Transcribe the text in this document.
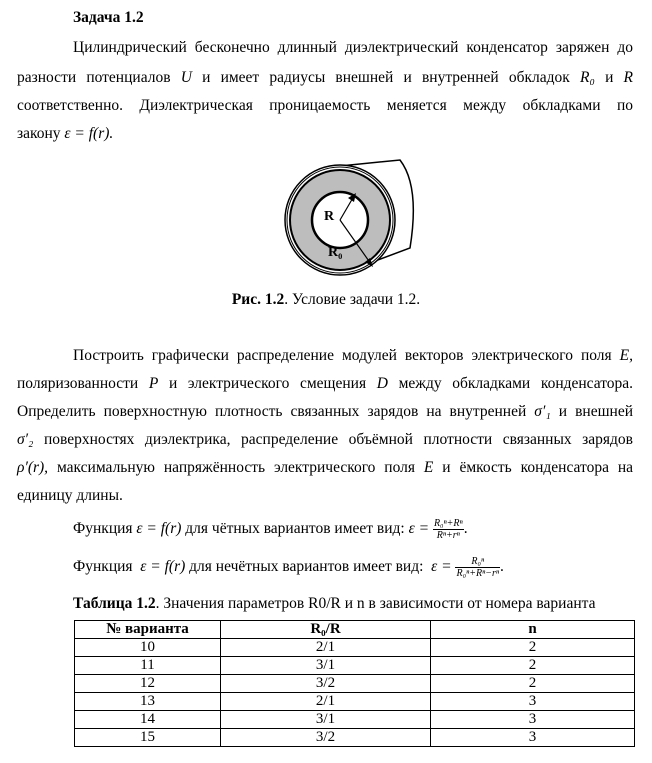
Задача 1.2
Цилиндрический бесконечно длинный диэлектрический конденсатор заряжен до
разности потенциалов U и имеет радиусы внешней и внутренней обкладок R₀ и R
соответственно. Диэлектрическая проницаемость меняется между обкладками по
закону ε = f(r).
R
R₀
Рис. 1.2. Условие задачи 1.2.
Построить графически распределение модулей векторов электрического поля E,
поляризованности P и электрического смещения D между обкладками конденсатора.
Определить поверхностную плотность связанных зарядов на внутренней σ′₁ и внешней
σ′₂ поверхностях диэлектрика, распределение объёмной плотности связанных зарядов
ρ′(r), максимальную напряжённость электрического поля E и ёмкость конденсатора на
единицу длины.
Функция ε = f(r) для чётных вариантов имеет вид: $\varepsilon = \frac{\text{R₀ⁿ+Rⁿ}}{\text{Rⁿ+rⁿ}}$ .
Функция ε = f(r) для нечётных вариантов имеет вид: $\varepsilon = \frac{\text{R₀ⁿ}}{\text{R₀ⁿ+Rⁿ−rⁿ}}$ .
Таблица 1.2. Значения параметров R0/R и n в зависимости от номера варианта
№ варианта	R₀/R	n
10	2/1	2
11	3/1	2
12	3/2	2
13	2/1	3
14	3/1	3
15	3/2	3
